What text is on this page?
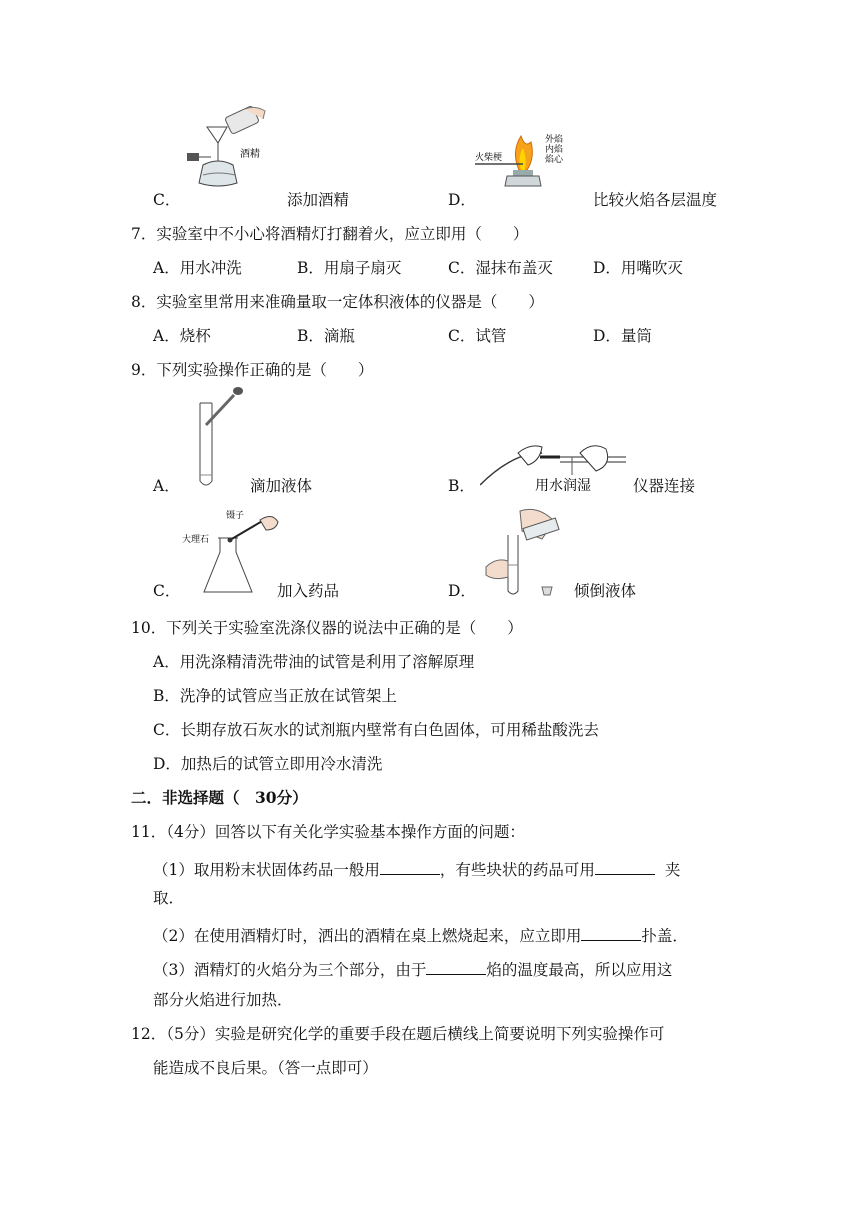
酒精
外焰
内焰
焰心
火柴梗
C．	添加酒精	D．	比较火焰各层温度
7．实验室中不小心将酒精灯打翻着火，应立即用（　　）
A．用水冲洗	B．用扇子扇灭	C．湿抹布盖灭	D．用嘴吹灭
8．实验室里常用来准确量取一定体积液体的仪器是（　　）
A．烧杯	B．滴瓶	C．试管	D．量筒
9．下列实验操作正确的是（　　）
用水润湿
A．	滴加液体	B．	仪器连接
镊子
大理石
C．	加入药品	D．	倾倒液体
10．下列关于实验室洗涤仪器的说法中正确的是（　　）
A．用洗涤精清洗带油的试管是利用了溶解原理
B．洗净的试管应当正放在试管架上
C．长期存放石灰水的试剂瓶内壁常有白色固体，可用稀盐酸洗去
D．加热后的试管立即用冷水清洗
二．非选择题（　30分）
11．（4分）回答以下有关化学实验基本操作方面的问题：
（1）取用粉末状固体药品一般用	，有些块状的药品可用	夹
取．
（2）在使用酒精灯时，洒出的酒精在桌上燃烧起来，应立即用	扑盖．
（3）酒精灯的火焰分为三个部分，由于	焰的温度最高，所以应用这
部分火焰进行加热．
12．（5分）实验是研究化学的重要手段在题后横线上简要说明下列实验操作可
能造成不良后果。（答一点即可）
